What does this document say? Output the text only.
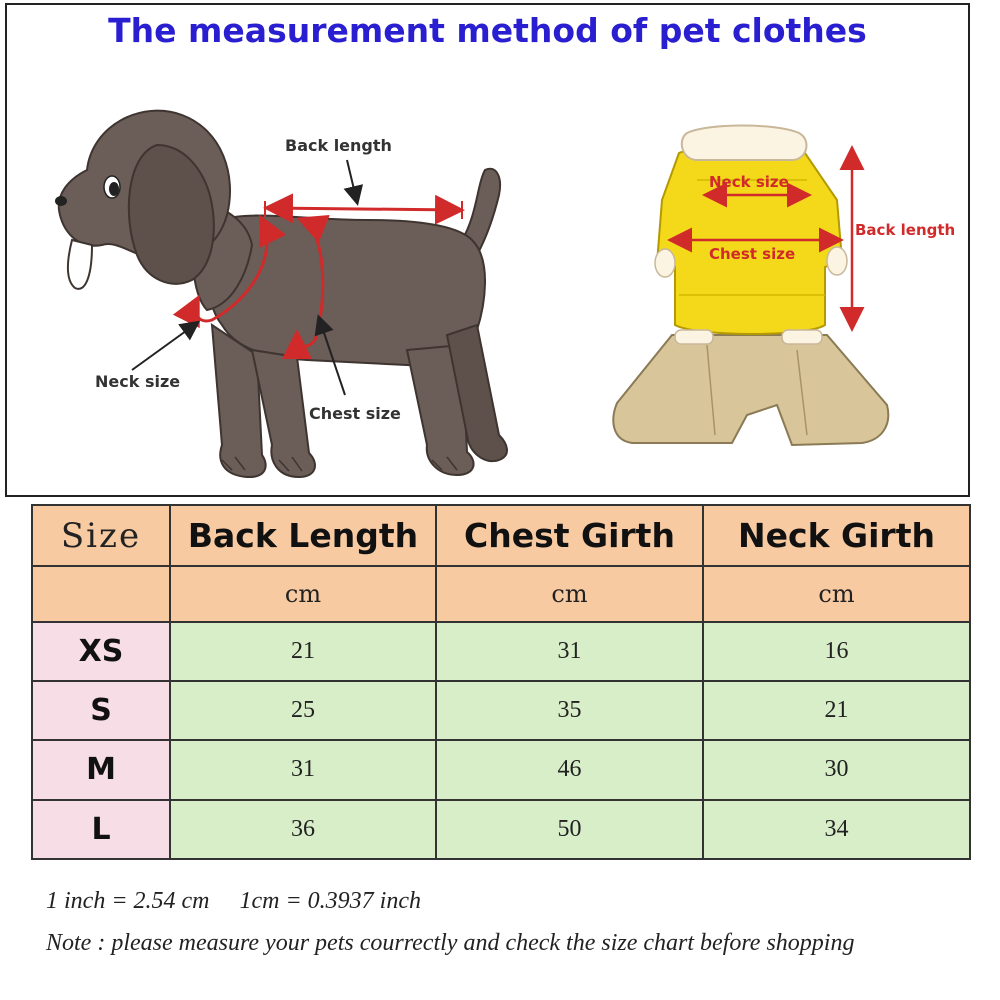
The measurement method of pet clothes
Back length
Neck size
Chest size
Neck size
Chest size
Back length
Size	Back Length	Chest Girth	Neck Girth
	cm	cm	cm
XS	21	31	16
S	25	35	21
M	31	46	30
L	36	50	34
1 inch = 2.54 cm     1cm = 0.3937 inch
Note : please measure your pets courrectly and check the size chart before shopping
